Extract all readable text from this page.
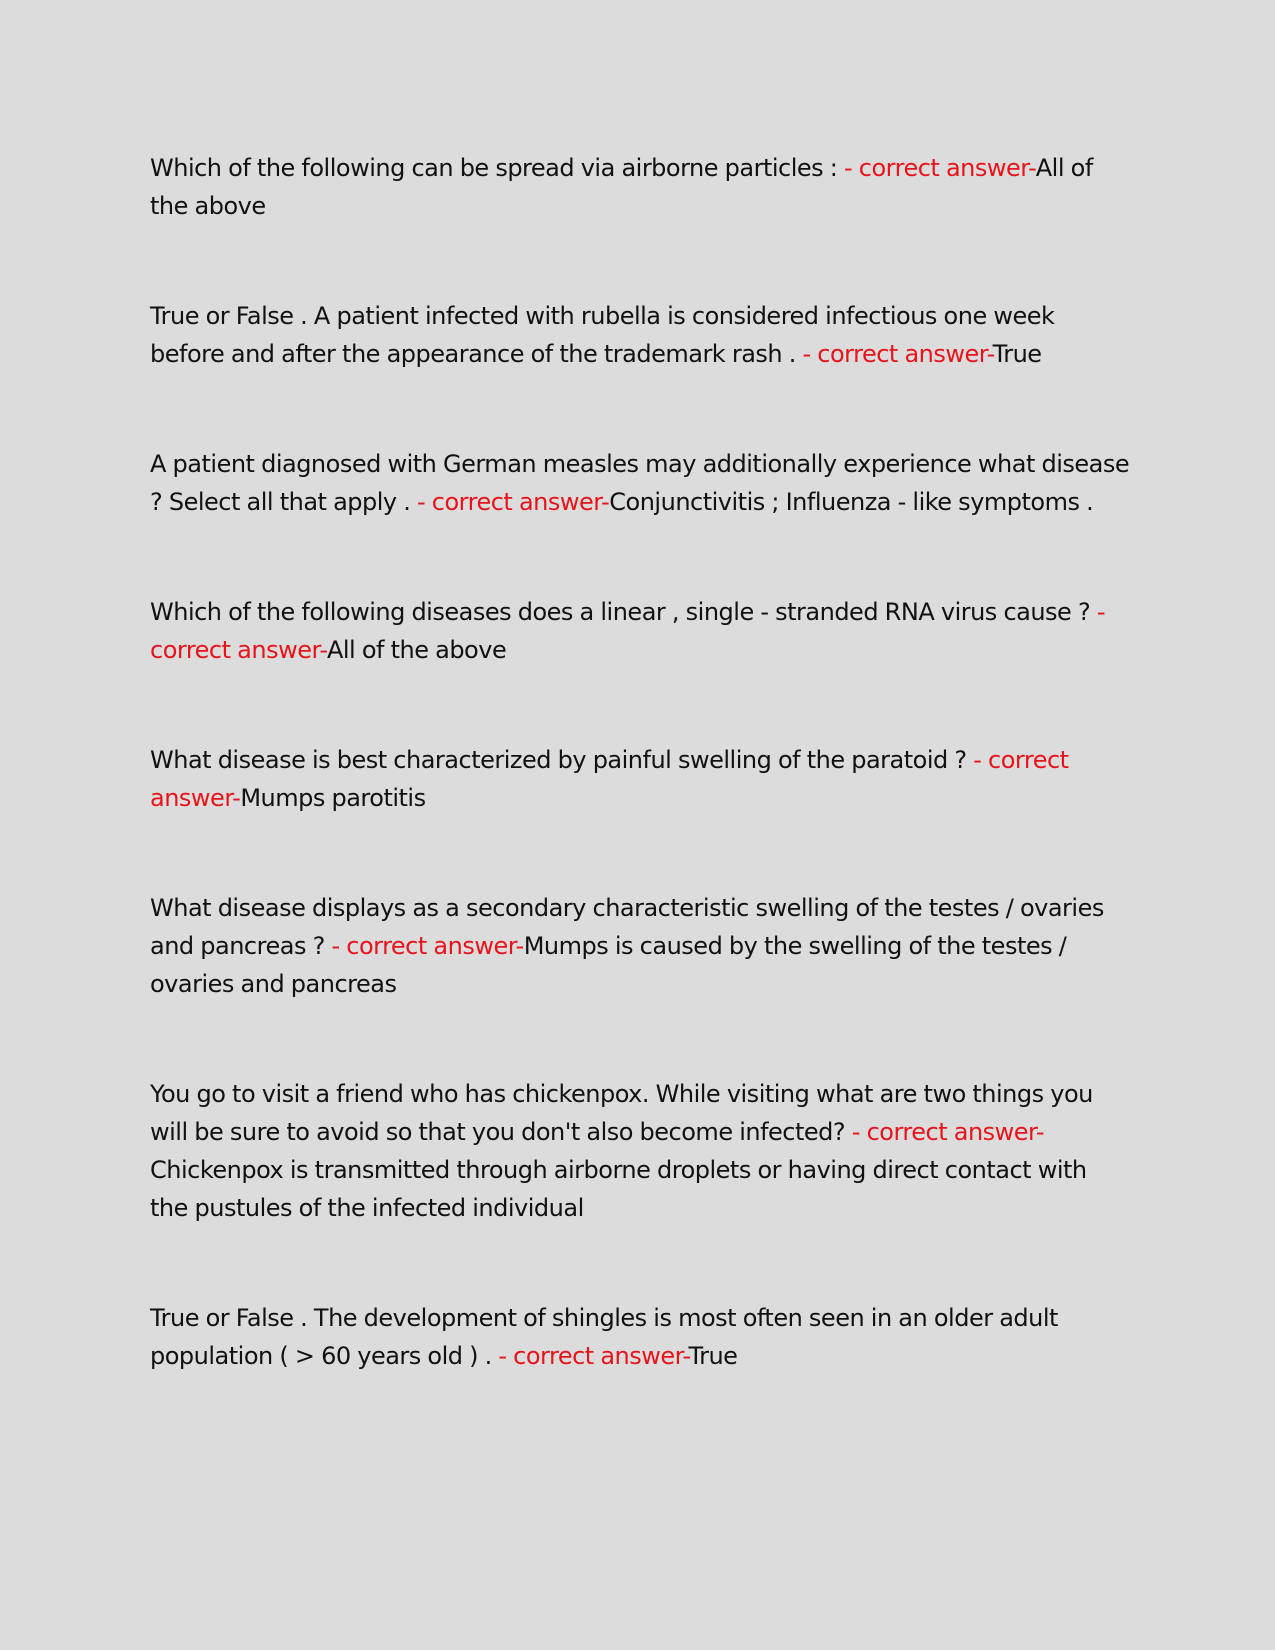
Which of the following can be spread via airborne particles : - correct answer-All of the above

True or False . A patient infected with rubella is considered infectious one week before and after the appearance of the trademark rash . - correct answer-True

A patient diagnosed with German measles may additionally experience what disease ? Select all that apply . - correct answer-Conjunctivitis ; Influenza - like symptoms .

Which of the following diseases does a linear , single - stranded RNA virus cause ? - correct answer-All of the above

What disease is best characterized by painful swelling of the paratoid ? - correct answer-Mumps parotitis

What disease displays as a secondary characteristic swelling of the testes / ovaries and pancreas ? - correct answer-Mumps is caused by the swelling of the testes / ovaries and pancreas

You go to visit a friend who has chickenpox. While visiting what are two things you will be sure to avoid so that you don't also become infected? - correct answer-Chickenpox is transmitted through airborne droplets or having direct contact with the pustules of the infected individual

True or False . The development of shingles is most often seen in an older adult population ( > 60 years old ) . - correct answer-True
